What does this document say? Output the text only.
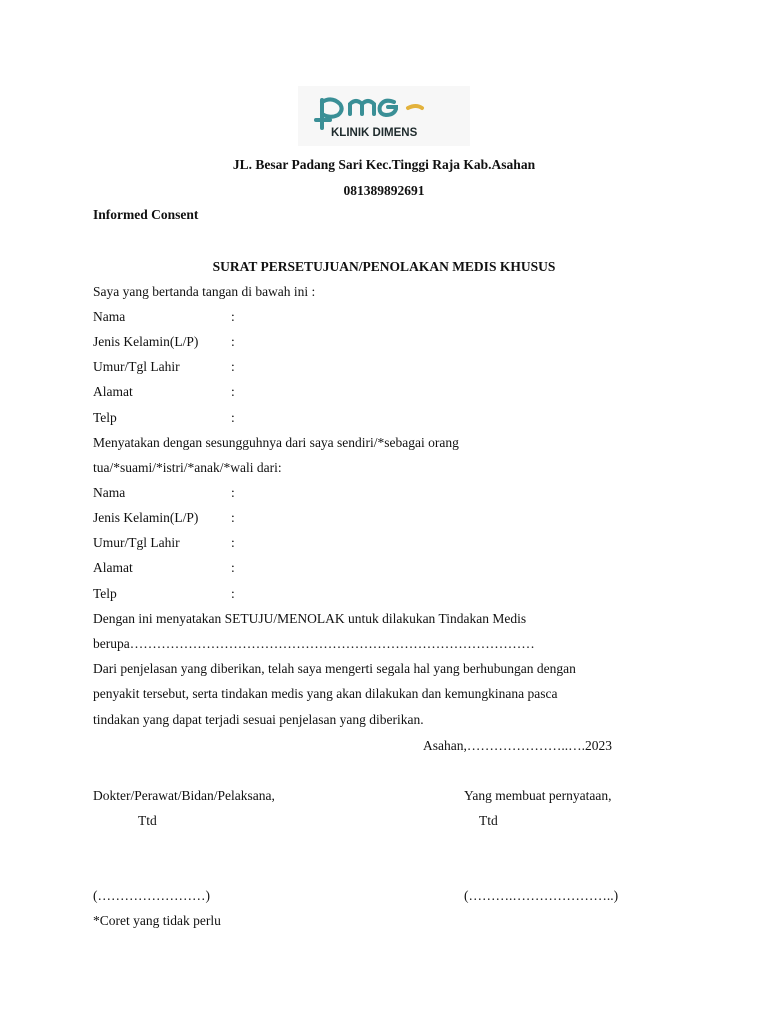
KLINIK DIMENS
JL. Besar Padang Sari Kec.Tinggi Raja Kab.Asahan
081389892691
Informed Consent
SURAT PERSETUJUAN/PENOLAKAN MEDIS KHUSUS
Saya yang bertanda tangan di bawah ini :
Nama	:
Jenis Kelamin(L/P) :
Umur/Tgl Lahir	:
Alamat	:
Telp	:
Menyatakan dengan sesungguhnya dari saya sendiri/*sebagai orang
tua/*suami/*istri/*anak/*wali dari:
Nama	:
Jenis Kelamin(L/P) :
Umur/Tgl Lahir	:
Alamat	:
Telp	:
Dengan ini menyatakan SETUJU/MENOLAK untuk dilakukan Tindakan Medis
berupa………………………………………………………………………………
Dari penjelasan yang diberikan, telah saya mengerti segala hal yang berhubungan dengan
penyakit tersebut, serta tindakan medis yang akan dilakukan dan kemungkinana pasca
tindakan yang dapat terjadi sesuai penjelasan yang diberikan.
Asahan,…………………..….2023
Dokter/Perawat/Bidan/Pelaksana,
Ttd
Yang membuat pernyataan,
Ttd
(……………………)	(……….…………………..)
*Coret yang tidak perlu
